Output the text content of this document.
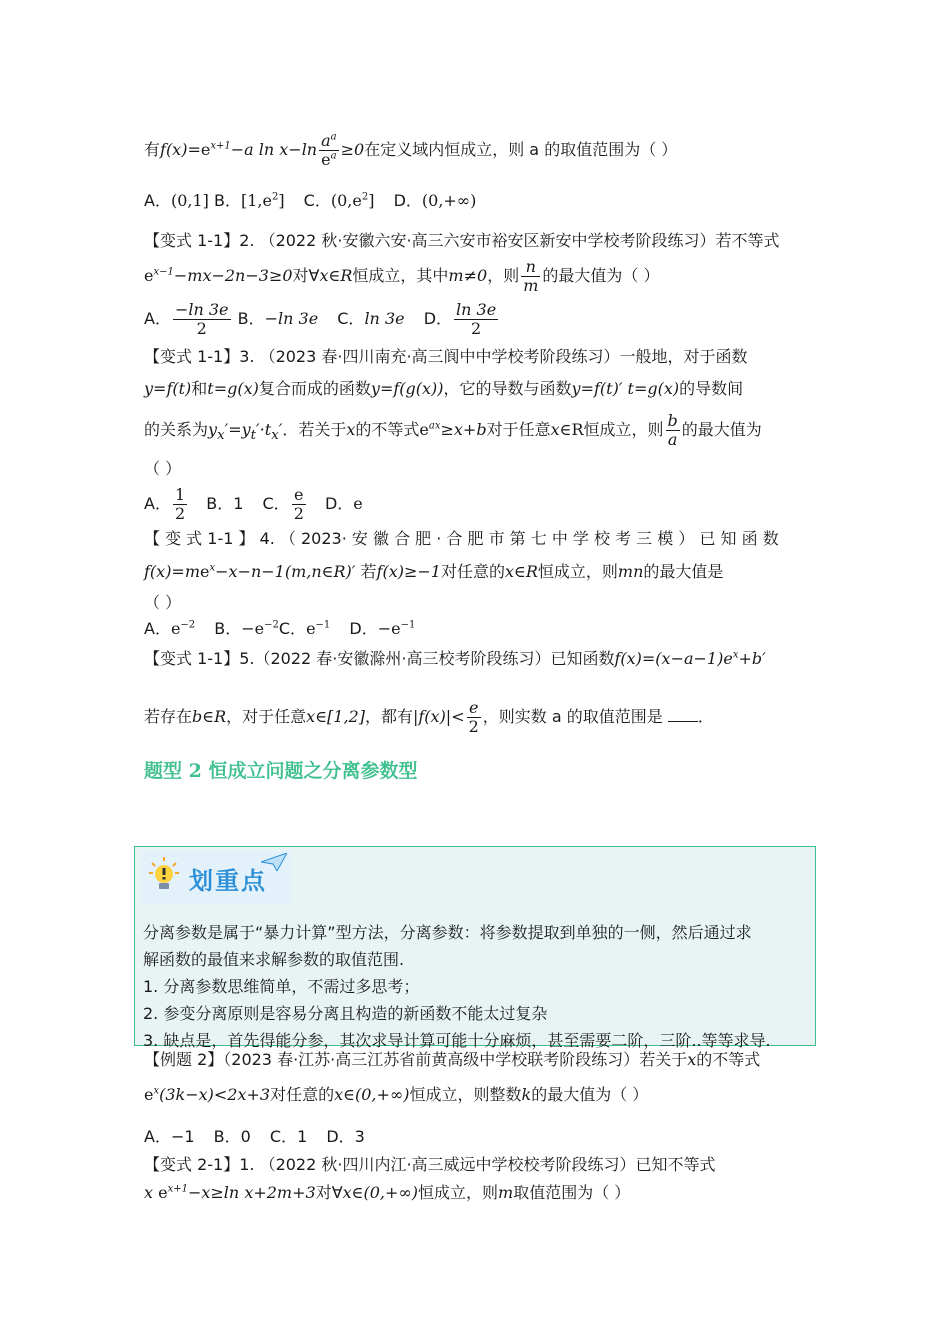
有$f(x)=e^{x+1}-a$ $\ln x-\ln \frac{a^a}{e^a} \ge 0$在定义域内恒成立，则 a 的取值范围为（ ）
A．(0,1] B．$[1,e^2]$ C．$(0,e^2]$ D．(0,+∞)
【变式 1-1】2. （2022 秋·安徽六安·高三六安市裕安区新安中学校考阶段练习）若不等式
$e^{x-1}-mx-2n-3\ge 0$对∀x∈R恒成立，其中m≠0，则 $\frac{n}{m}$ 的最大值为（ ）
A． $\frac{-\ln 3e}{2}$ B．−ln 3e C．ln 3e D． $\frac{\ln 3e}{2}$
【变式 1-1】3. （2023 春·四川南充·高三阆中中学校考阶段练习）一般地，对于函数
y=f(t)和t=g(x)复合而成的函数y=f(g(x))，它的导数与函数y=f(t)′ t=g(x)的导数间
的关系为$y_x'=y_t'\cdot t_x'$．若关于x的不等式$e^{ax}\ge x+b$对于任意x∈R恒成立，则 $\frac{b}{a}$ 的最大值为
（ ）
A． $\frac{1}{2}$ B．1 C． $\frac{e}{2}$ D．e
【 变 式 1-1 】 4. （ 2023· 安 徽 合 肥 · 合 肥 市 第 七 中 学 校 考 三 模 ） 已 知 函 数
$f(x)=me^x-x-n-1(m,n\in R)'$ 若f(x)≥−1对任意的x∈R恒成立，则mn的最大值是
（ ）
A．$e^{-2}$ B．$-e^{-2}C$．$e^{-1}$ D．$-e^{-1}$
【变式 1-1】5.（2022 春·安徽滁州·高三校考阶段练习）已知函数$f(x)=(x-a-1)e^x+b'$
若存在b∈R，对于任意x∈[1,2]，都有$|f(x)|< \frac{e}{2}$ ，则实数 a 的取值范围是 ．
题型 2 恒成立问题之分离参数型
划重点
分离参数是属于“暴力计算”型方法，分离参数：将参数提取到单独的一侧，然后通过求
解函数的最值来求解参数的取值范围.
1. 分离参数思维简单，不需过多思考；
2. 参变分离原则是容易分离且构造的新函数不能太过复杂
3. 缺点是，首先得能分参，其次求导计算可能十分麻烦，甚至需要二阶，三阶..等等求导.
【例题 2】（2023 春·江苏·高三江苏省前黄高级中学校联考阶段练习）若关于x的不等式
$e^x(3k-x)<2x+3$对任意的x∈(0,+∞)恒成立，则整数k的最大值为（ ）
A．−1 B．0 C．1 D．3
【变式 2-1】1. （2022 秋·四川内江·高三威远中学校校考阶段练习）已知不等式
x $e^{x+1}-x\ge\ln$ x+2m+3对∀x∈(0,+∞)恒成立，则m取值范围为（ ）
